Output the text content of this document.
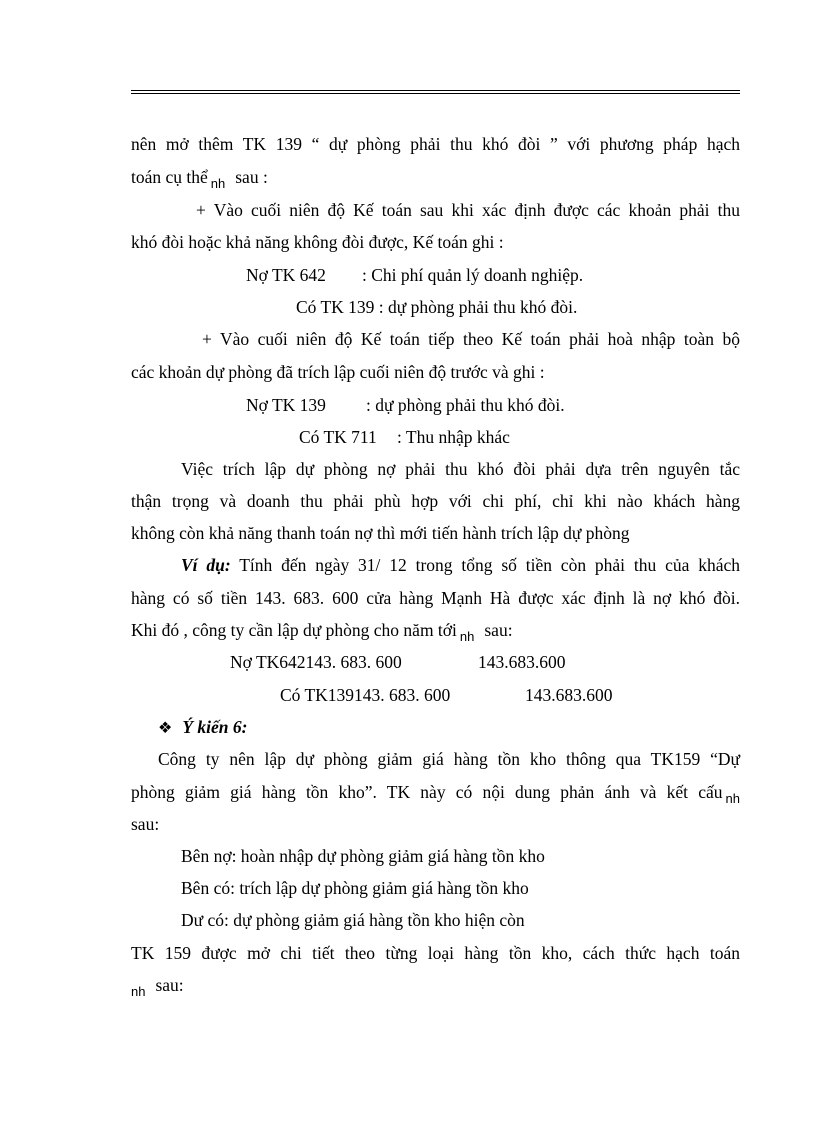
nên mở thêm TK 139 “ dự phòng phải thu khó đòi ” với phương pháp hạch
toán cụ thể $_{nh}$ sau :
+ Vào cuối niên độ Kế toán sau khi xác định được các khoản phải thu
khó đòi hoặc khả năng không đòi được, Kế toán ghi :
Nợ TK 642 : Chi phí quản lý doanh nghiệp.
Có TK 139 : dự phòng phải thu khó đòi.
+ Vào cuối niên độ Kế toán tiếp theo Kế toán phải hoà nhập toàn bộ
các khoản dự phòng đã trích lập cuối niên độ trước và ghi :
Nợ TK 139 : dự phòng phải thu khó đòi.
Có TK 711 : Thu nhập khác
Việc trích lập dự phòng nợ phải thu khó đòi phải dựa trên nguyên tắc
thận trọng và doanh thu phải phù hợp với chi phí, chỉ khi nào khách hàng
không còn khả năng thanh toán nợ thì mới tiến hành trích lập dự phòng
Ví dụ: Tính đến ngày 31/ 12 trong tổng số tiền còn phải thu của khách
hàng có số tiền 143. 683. 600 cửa hàng Mạnh Hà được xác định là nợ khó đòi.
Khi đó , công ty cần lập dự phòng cho năm tới $_{nh}$ sau:
Nợ TK642143. 683. 600	143.683.600
Có TK139143. 683. 600	143.683.600
❖ Ý kiến 6:
Công ty nên lập dự phòng giảm giá hàng tồn kho thông qua TK159 “Dự
phòng giảm giá hàng tồn kho”. TK này có nội dung phản ánh và kết cấu $_{nh}$
sau:
Bên nợ: hoàn nhập dự phòng giảm giá hàng tồn kho
Bên có: trích lập dự phòng giảm giá hàng tồn kho
Dư có: dự phòng giảm giá hàng tồn kho hiện còn
TK 159 được mở chi tiết theo từng loại hàng tồn kho, cách thức hạch toán
$_{nh}$ sau:
